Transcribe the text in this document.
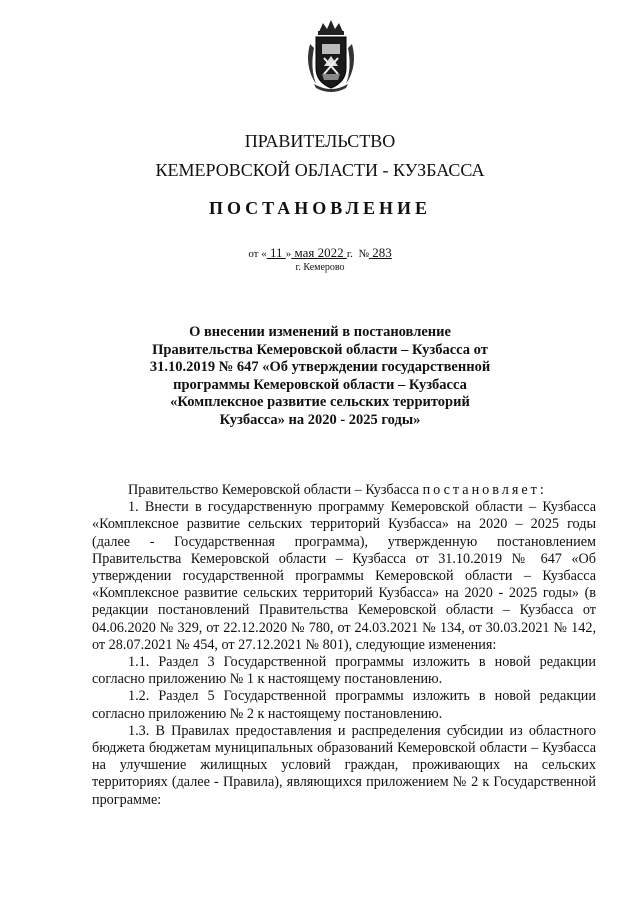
ПРАВИТЕЛЬСТВО
КЕМЕРОВСКОЙ ОБЛАСТИ - КУЗБАССА
ПОСТАНОВЛЕНИЕ
от « 11 » мая 2022 г. № 283
г. Кемерово
О внесении изменений в постановление
Правительства Кемеровской области – Кузбасса от
31.10.2019 № 647 «Об утверждении государственной
программы Кемеровской области – Кузбасса
«Комплексное развитие сельских территорий
Кузбасса» на 2020 - 2025 годы»

Правительство Кемеровской области – Кузбасса постановляет:

1. Внести в государственную программу Кемеровской области – Кузбасса «Комплексное развитие сельских территорий Кузбасса» на 2020 – 2025 годы (далее - Государственная программа), утвержденную постановлением Правительства Кемеровской области – Кузбасса от 31.10.2019 № 647 «Об утверждении государственной программы Кемеровской области – Кузбасса «Комплексное развитие сельских территорий Кузбасса» на 2020 - 2025 годы» (в редакции постановлений Правительства Кемеровской области – Кузбасса от 04.06.2020 № 329, от 22.12.2020 № 780, от 24.03.2021 № 134, от 30.03.2021 № 142, от 28.07.2021 № 454, от 27.12.2021 № 801), следующие изменения:

1.1. Раздел 3 Государственной программы изложить в новой редакции согласно приложению № 1 к настоящему постановлению.

1.2. Раздел 5 Государственной программы изложить в новой редакции согласно приложению № 2 к настоящему постановлению.

1.3. В Правилах предоставления и распределения субсидии из областного бюджета бюджетам муниципальных образований Кемеровской области – Кузбасса на улучшение жилищных условий граждан, проживающих на сельских территориях (далее - Правила), являющихся приложением № 2 к Государственной программе:
